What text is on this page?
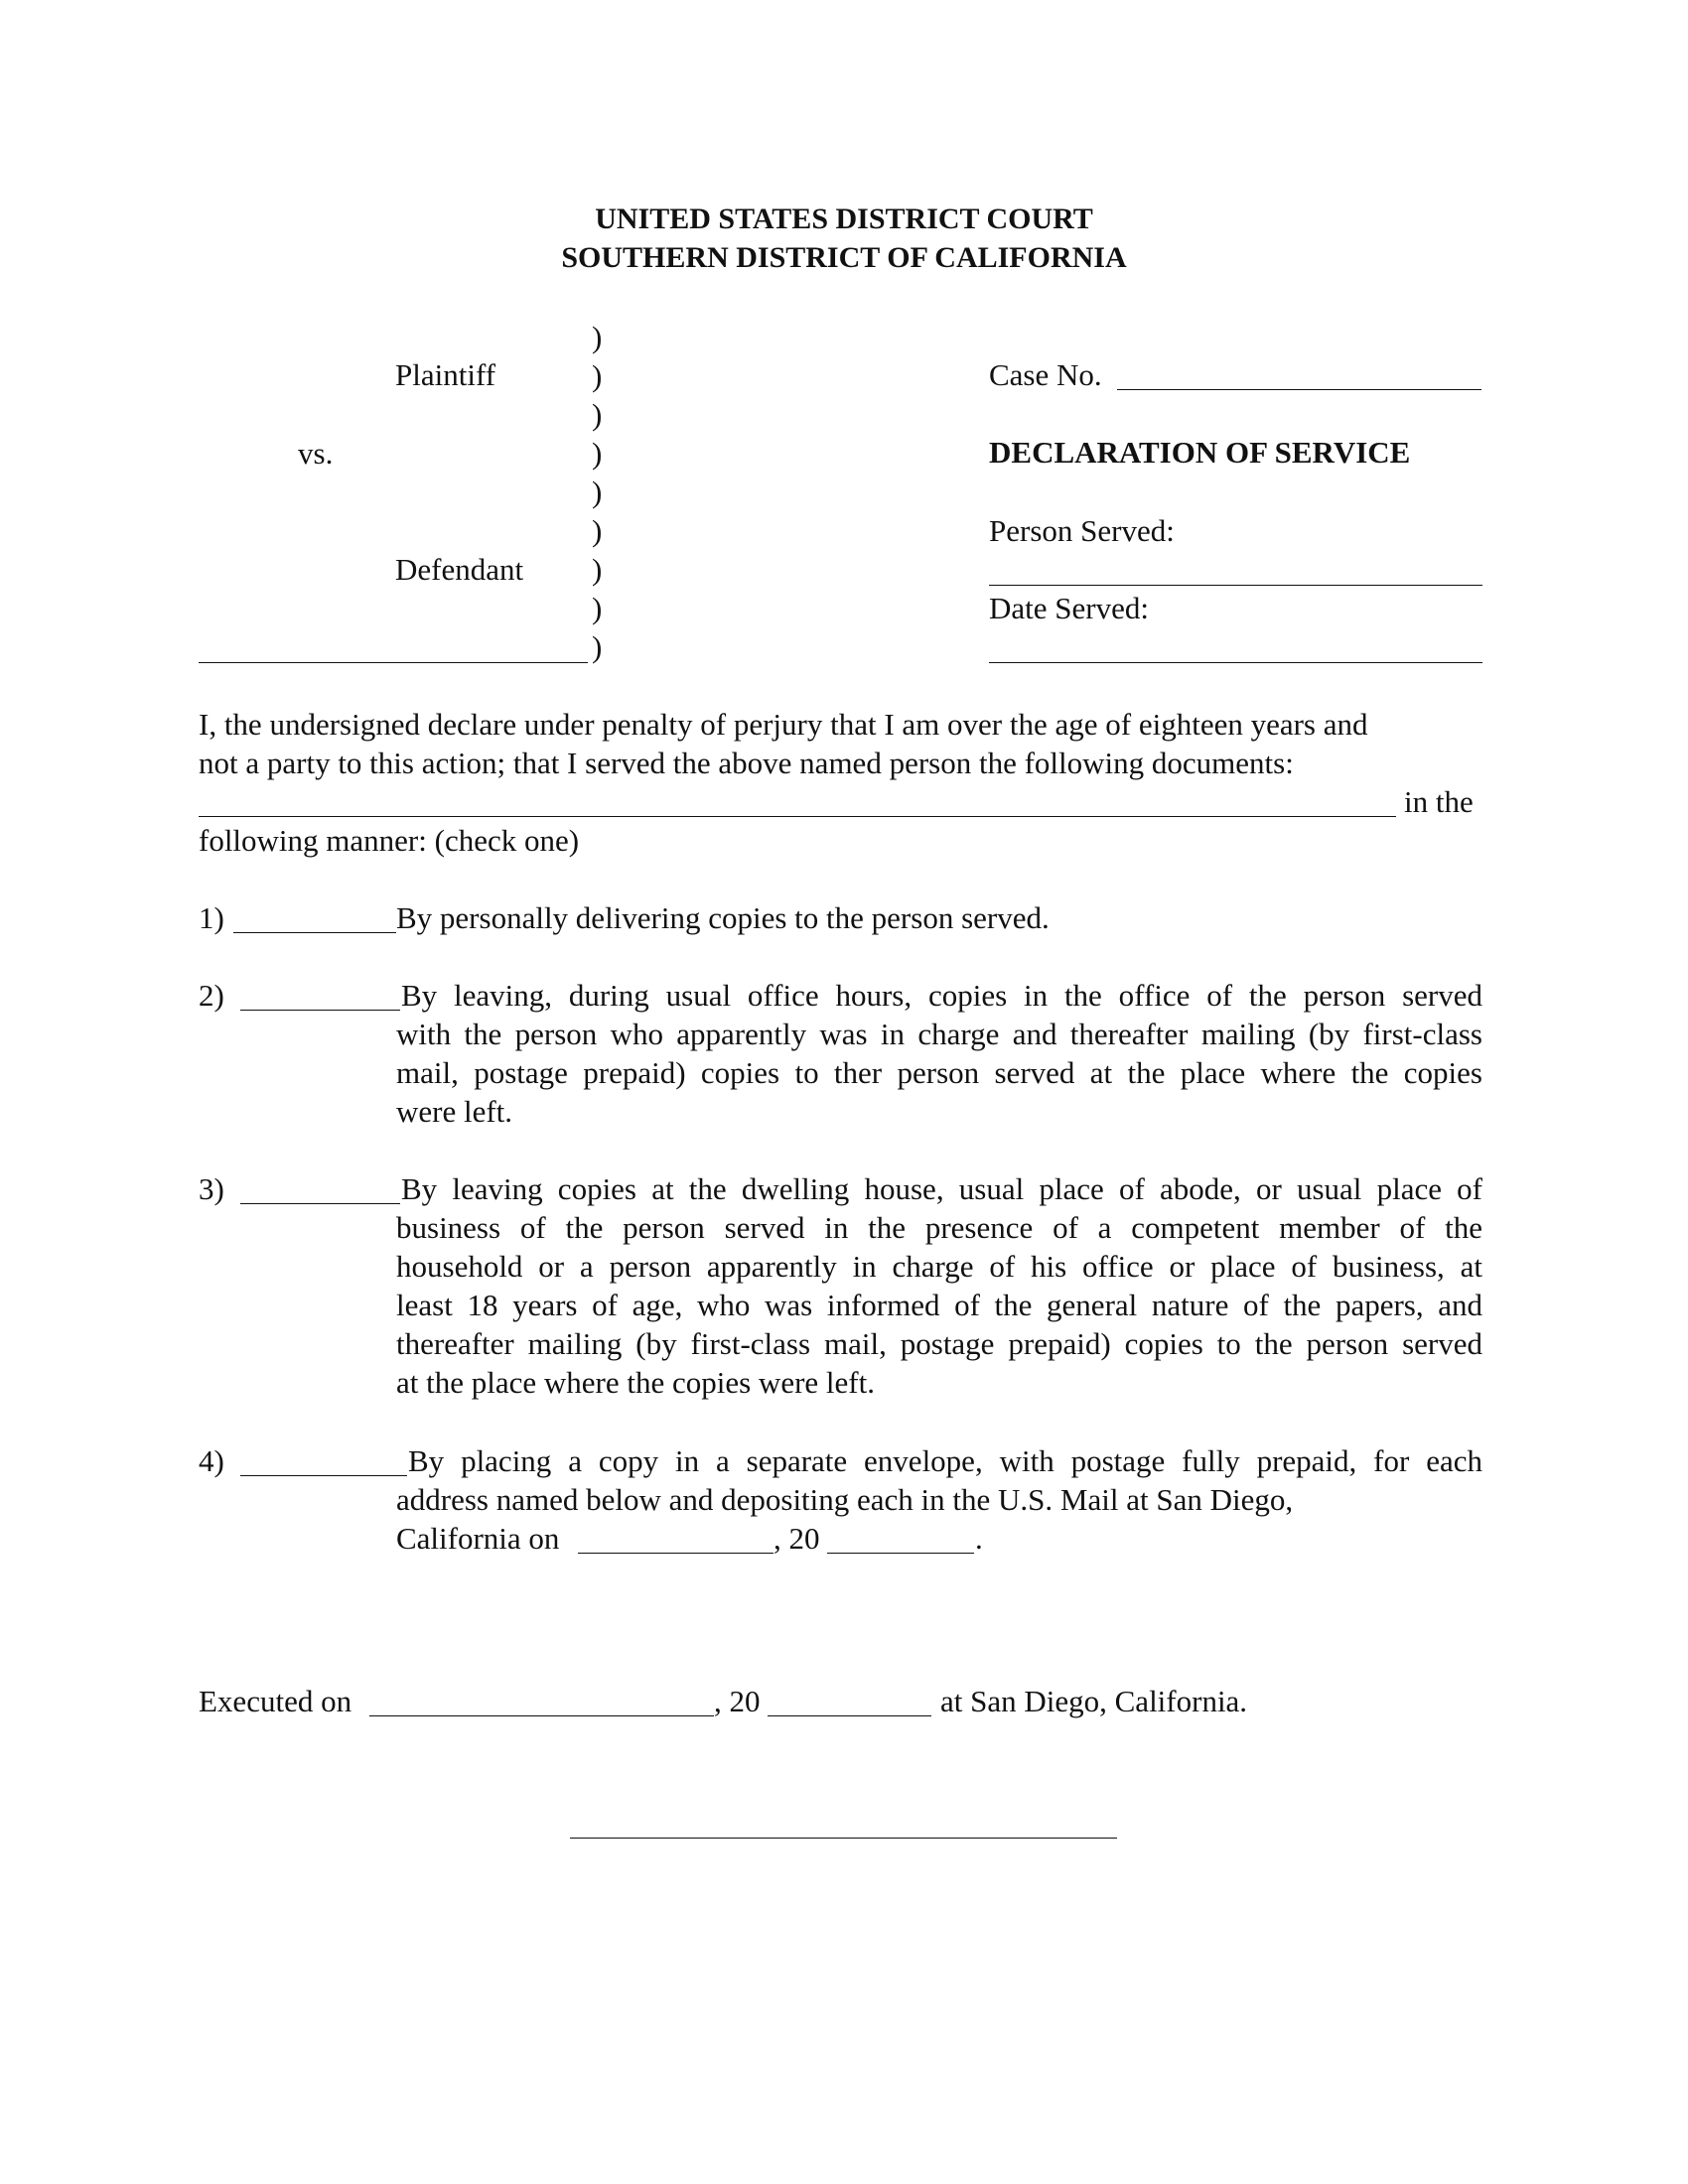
UNITED STATES DISTRICT COURT
SOUTHERN DISTRICT OF CALIFORNIA
Plaintiff
vs.
Defendant
)
)
)
)
)
)
)
)
)
Case No.
DECLARATION OF SERVICE
Person Served:
Date Served:
I, the undersigned declare under penalty of perjury that I am over the age of eighteen years and
not a party to this action; that I served the above named person the following documents:
in the
following manner: (check one)
1)	By personally delivering copies to the person served.
2)	By leaving, during usual office hours, copies in the office of the person served
with the person who apparently was in charge and thereafter mailing (by first-class
mail, postage prepaid) copies to ther person served at the place where the copies
were left.
3)	By leaving copies at the dwelling house, usual place of abode, or usual place of
business of the person served in the presence of a competent member of the
household or a person apparently in charge of his office or place of business, at
least 18 years of age, who was informed of the general nature of the papers, and
thereafter mailing (by first-class mail, postage prepaid) copies to the person served
at the place where the copies were left.
4)	By placing a copy in a separate envelope, with postage fully prepaid, for each
address named below and depositing each in the U.S. Mail at San Diego,
California on	, 20	.
Executed on	, 20	at San Diego, California.
